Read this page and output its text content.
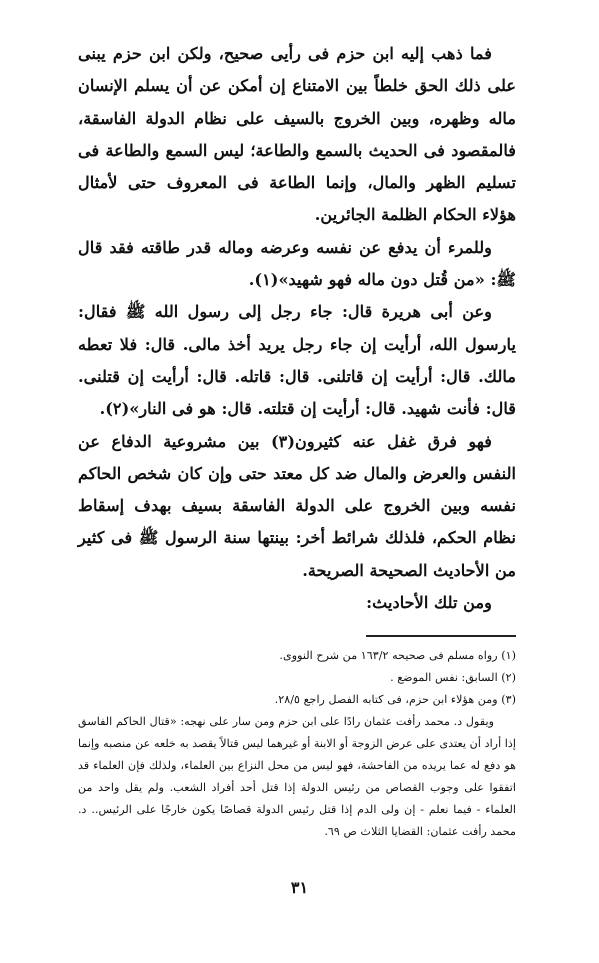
فما ذهب إليه ابن حزم فى رأيى صحيح، ولكن ابن حزم يبنى على ذلك الحق خلطاً بين الامتناع إن أمكن عن أن يسلم الإنسان ماله وظهره، وبين الخروج بالسيف على نظام الدولة الفاسقة، فالمقصود فى الحديث بالسمع والطاعة؛ ليس السمع والطاعة فى تسليم الظهر والمال، وإنما الطاعة فى المعروف حتى لأمثال هؤلاء الحكام الظلمة الجائرين.

وللمرء أن يدفع عن نفسه وعرضه وماله قدر طاقته فقد قال ﷺ: «من قُتل دون ماله فهو شهيد»(١).

وعن أبى هريرة قال: جاء رجل إلى رسول الله ﷺ فقال: يارسول الله، أرأيت إن جاء رجل يريد أخذ مالى. قال: فلا تعطه مالك. قال: أرأيت إن قاتلنى. قال: قاتله. قال: أرأيت إن قتلنى. قال: فأنت شهيد. قال: أرأيت إن قتلته. قال: هو فى النار»(٢).

فهو فرق غفل عنه كثيرون(٣) بين مشروعية الدفاع عن النفس والعرض والمال ضد كل معتد حتى وإن كان شخص الحاكم نفسه وبين الخروج على الدولة الفاسقة بسيف بهدف إسقاط نظام الحكم، فلذلك شرائط أخر: بينتها سنة الرسول ﷺ فى كثير من الأحاديث الصحيحة الصريحة.

ومن تلك الأحاديث:

(١) رواه مسلم فى صحيحه ١٦٣/٢ من شرح النووى.

(٢) السابق: نفس الموضع .

(٣) ومن هؤلاء ابن حزم، فى كتابه الفصل راجع ٢٨/٥.

ويقول د. محمد رأفت عثمان رادًا على ابن حزم ومن سار على نهجه: «قتال الحاكم الفاسق إذا أراد أن يعتدى على عرض الزوجة أو الابنة أو غيرهما ليس قتالاً يقصد به خلعه عن منصبه وإنما هو دفع له عما يريده من الفاحشة، فهو ليس من محل النزاع بين العلماء، ولذلك فإن العلماء قد اتفقوا على وجوب القصاص من رئيس الدولة إذا قتل أحد أفراد الشعب. ولم يقل واحد من العلماء - فيما نعلم - إن ولى الدم إذا قتل رئيس الدولة قصاصًا يكون خارجًا على الرئيس.. د. محمد رأفت عثمان: القضايا الثلاث ص ٦٩.

٣١
